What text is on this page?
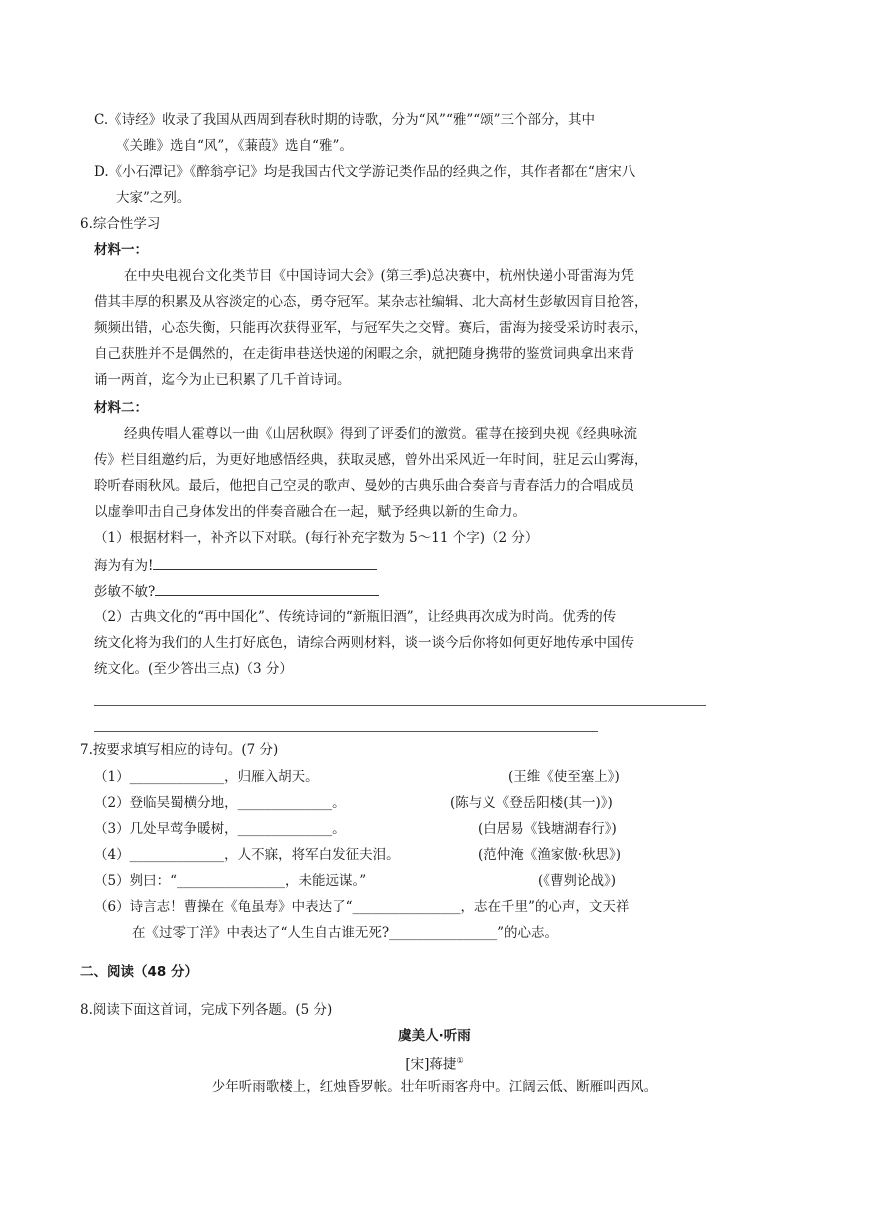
C.《诗经》收录了我国从西周到春秋时期的诗歌，分为“风”“雅”“颂”三个部分，其中
《关雎》选自“风”，《蒹葭》选自“雅”。
D.《小石潭记》《醉翁亭记》均是我国古代文学游记类作品的经典之作，其作者都在“唐宋八
大家”之列。
6.综合性学习
材料一：
在中央电视台文化类节目《中国诗词大会》(第三季)总决赛中，杭州快递小哥雷海为凭
借其丰厚的积累及从容淡定的心态，勇夺冠军。某杂志社编辑、北大高材生彭敏因肓目抢答，
频频出错，心态失衡，只能再次获得亚军，与冠军失之交臂。赛后，雷海为接受采访时表示，
自己获胜并不是偶然的，在走街串巷送快递的闲暇之余，就把随身携带的鉴赏词典拿出来背
诵一两首，迄今为止已积累了几千首诗词。
材料二：
经典传唱人霍尊以一曲《山居秋暝》得到了评委们的激赏。霍荨在接到央视《经典咏流
传》栏目组邀约后，为更好地感悟经典，获取灵感，曾外出采风近一年时间，驻足云山雾海，
聆听春雨秋风。最后，他把自己空灵的歌声、曼妙的古典乐曲合奏音与青春活力的合唱成员
以虚拳叩击自己身体发出的伴奏音融合在一起，赋予经典以新的生命力。
（1）根据材料一，补齐以下对联。(每行补充字数为 5～11 个字)（2 分）
海为有为!
彭敏不敏?
（2）古典文化的“再中国化”、传统诗词的“新瓶旧酒”，让经典再次成为时尚。优秀的传
统文化将为我们的人生打好底色，请综合两则材料，谈一谈今后你将如何更好地传承中国传
统文化。(至少答出三点)（3 分）
7.按要求填写相应的诗句。(7 分)
（1）______________，归雁入胡天。	(王维《使至塞上》)
（2）登临吴蜀横分地，______________。	(陈与义《登岳阳楼(其一)》)
（3）几处早莺争暖树，______________。	(白居易《钱塘湖春行》)
（4）______________，人不寐，将军白发征夫泪。	(范仲淹《渔家傲·秋思》)
（5）刿曰：“________________，未能远谋。”	(《曹刿论战》)
（6）诗言志！曹操在《龟虽寿》中表达了“________________，志在千里”的心声，文天祥
在《过零丁洋》中表达了“人生自古谁无死?________________”的心志。
二、阅读（48 分）
8.阅读下面这首词，完成下列各题。(5 分)
虞美人·听雨
[宋]蒋捷①
少年听雨歌楼上，红烛昏罗帐。壮年听雨客舟中。江阔云低、断雁叫西风。
